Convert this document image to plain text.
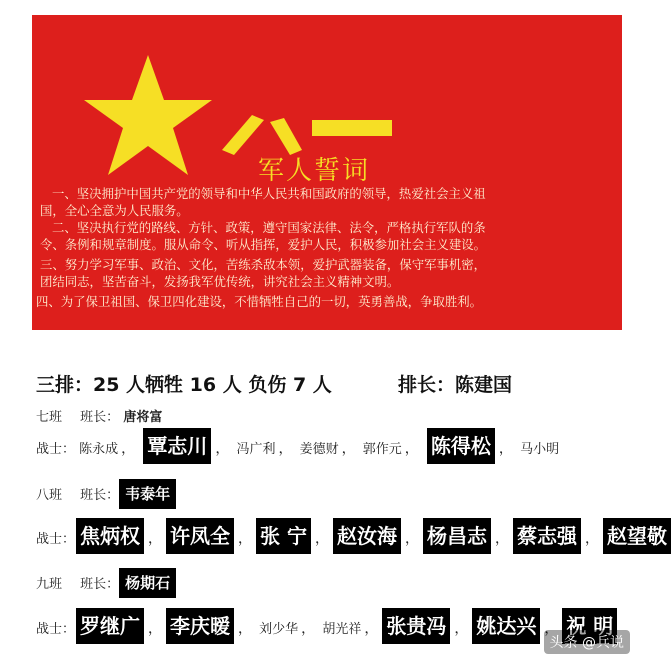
八一
军人誓词
一、坚决拥护中国共产党的领导和中华人民共和国政府的领导，热爱社会主义祖
国，全心全意为人民服务。
二、坚决执行党的路线、方针、政策，遵守国家法律、法令，严格执行军队的条
令、条例和规章制度。服从命令、听从指挥，爱护人民，积极参加社会主义建设。
三、努力学习军事、政治、文化，苦练杀敌本领，爱护武器装备，保守军事机密，
团结同志，坚苦奋斗，发扬我军优传统，讲究社会主义精神文明。
四、为了保卫祖国、保卫四化建设，不惜牺牲自己的一切，英勇善战，争取胜利。
三排：25 人牺牲 16 人 负伤 7 人	排长：陈建国
七班 班长： 唐将富
战士： 陈永成 ， 覃志川 ， 冯广利 ， 姜德财 ， 郭作元 ， 陈得松 ， 马小明
八班 班长： 韦泰年
战士： 焦炳权 ， 许凤全 ， 张 宁 ， 赵汝海 ， 杨昌志 ， 蔡志强 ， 赵望敬
九班 班长： 杨期石
战士： 罗继广 ， 李庆暧 ， 刘少华 ， 胡光祥 ， 张贵冯 ， 姚达兴 ， 祝 明
头条 @兵说
